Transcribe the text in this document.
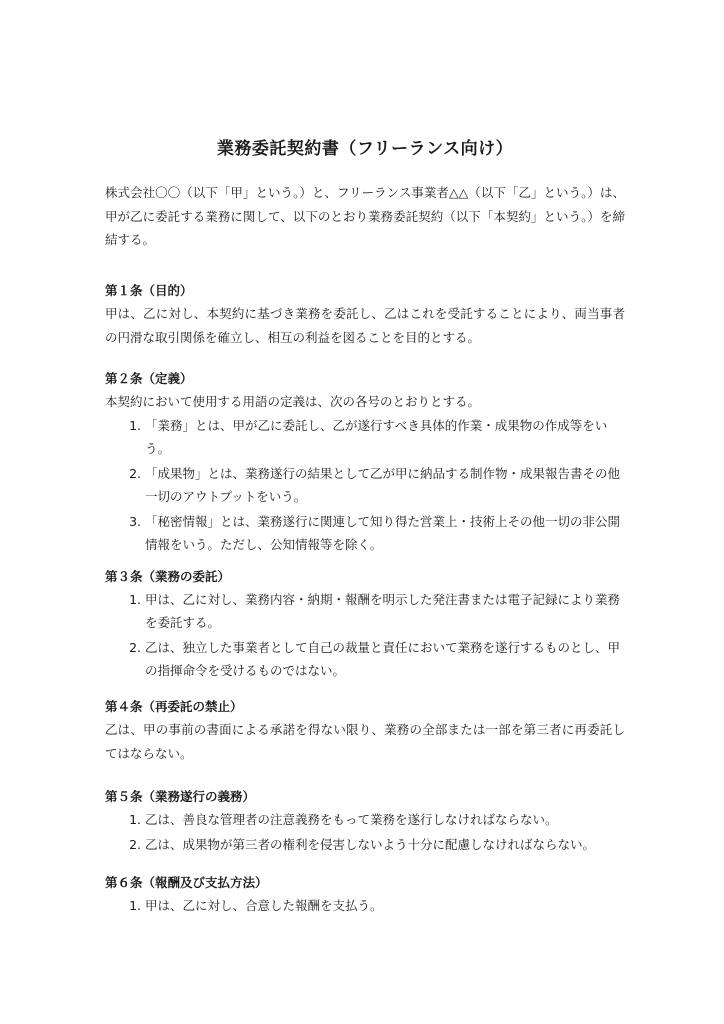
業務委託契約書（フリーランス向け）

株式会社〇〇（以下「甲」という。）と、フリーランス事業者△△（以下「乙」という。）は、甲が乙に委託する業務に関して、以下のとおり業務委託契約（以下「本契約」という。）を締結する。

第１条（目的）

甲は、乙に対し、本契約に基づき業務を委託し、乙はこれを受託することにより、両当事者の円滑な取引関係を確立し、相互の利益を図ることを目的とする。

第２条（定義）

本契約において使用する用語の定義は、次の各号のとおりとする。

1. 「業務」とは、甲が乙に委託し、乙が遂行すべき具体的作業・成果物の作成等をいう。
2. 「成果物」とは、業務遂行の結果として乙が甲に納品する制作物・成果報告書その他一切のアウトプットをいう。
3. 「秘密情報」とは、業務遂行に関連して知り得た営業上・技術上その他一切の非公開情報をいう。ただし、公知情報等を除く。
第３条（業務の委託）
1. 甲は、乙に対し、業務内容・納期・報酬を明示した発注書または電子記録により業務を委託する。
2. 乙は、独立した事業者として自己の裁量と責任において業務を遂行するものとし、甲の指揮命令を受けるものではない。
第４条（再委託の禁止）

乙は、甲の事前の書面による承諾を得ない限り、業務の全部または一部を第三者に再委託してはならない。

第５条（業務遂行の義務）
1. 乙は、善良な管理者の注意義務をもって業務を遂行しなければならない。
2. 乙は、成果物が第三者の権利を侵害しないよう十分に配慮しなければならない。
第６条（報酬及び支払方法）
1. 甲は、乙に対し、合意した報酬を支払う。
